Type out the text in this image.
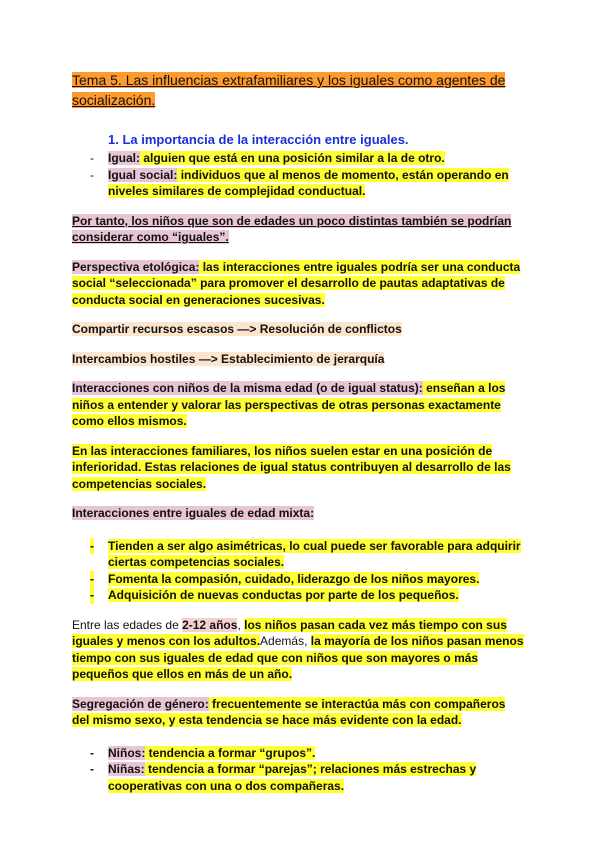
Tema 5. Las influencias extrafamiliares y los iguales como agentes de socialización.

1. La importancia de la interacción entre iguales.
- Igual: alguien que está en una posición similar a la de otro.
- Igual social: individuos que al menos de momento, están operando en niveles similares de complejidad conductual.

Por tanto, los niños que son de edades un poco distintas también se podrían considerar como “iguales”.

Perspectiva etológica: las interacciones entre iguales podría ser una conducta social “seleccionada” para promover el desarrollo de pautas adaptativas de conducta social en generaciones sucesivas.

Compartir recursos escasos —> Resolución de conflictos

Intercambios hostiles —> Establecimiento de jerarquía

Interacciones con niños de la misma edad (o de igual status): enseñan a los niños a entender y valorar las perspectivas de otras personas exactamente como ellos mismos.

En las interacciones familiares, los niños suelen estar en una posición de inferioridad. Estas relaciones de igual status contribuyen al desarrollo de las competencias sociales.

Interacciones entre iguales de edad mixta:

- Tienden a ser algo asimétricas, lo cual puede ser favorable para adquirir ciertas competencias sociales.
- Fomenta la compasión, cuidado, liderazgo de los niños mayores.
- Adquisición de nuevas conductas por parte de los pequeños.

Entre las edades de 2-12 años, los niños pasan cada vez más tiempo con sus iguales y menos con los adultos.Además, la mayoría de los niños pasan menos tiempo con sus iguales de edad que con niños que son mayores o más pequeños que ellos en más de un año.

Segregación de género: frecuentemente se interactúa más con compañeros del mismo sexo, y esta tendencia se hace más evidente con la edad.

- Niños: tendencia a formar “grupos”.
- Niñas: tendencia a formar “parejas”; relaciones más estrechas y cooperativas con una o dos compañeras.
